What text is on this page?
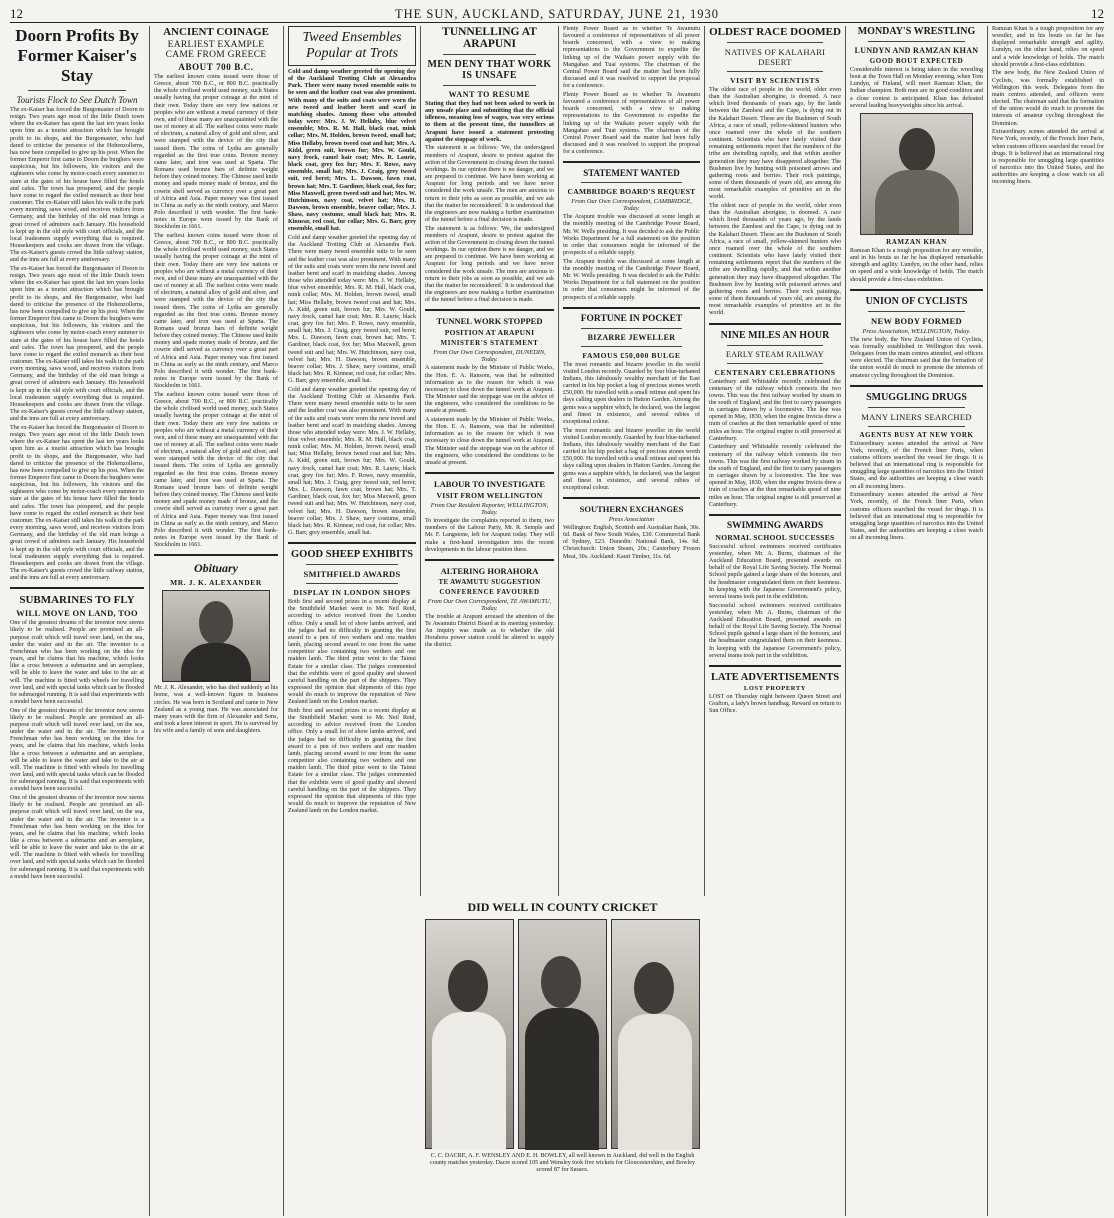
12	THE SUN, AUCKLAND, SATURDAY, JUNE 21, 1930	12
Doorn Profits By Former Kaiser's Stay
Tourists Flock to See Dutch Town

The ex-Kaiser has forced the Burgomaster of Doorn to resign. Two years ago most of the little Dutch town where the ex-Kaiser has spent the last ten years looks upon him as a tourist attraction which has brought profit to its shops, and the Burgomaster, who had dared to criticise the presence of the Hohenzollerns, has now been compelled to give up his post. When the former Emperor first came to Doorn the burghers were suspicious, but his followers, his visitors and the sightseers who come by motor-coach every summer to stare at the gates of his house have filled the hotels and cafes. The town has prospered, and the people have come to regard the exiled monarch as their best customer. The ex-Kaiser still takes his walk in the park every morning, saws wood, and receives visitors from Germany, and the birthday of the old man brings a great crowd of admirers each January. His household is kept up in the old style with court officials, and the local tradesmen supply everything that is required. Housekeepers and cooks are drawn from the village. The ex-Kaiser's guests crowd the little railway station, and the inns are full at every anniversary.

The ex-Kaiser has forced the Burgomaster of Doorn to resign. Two years ago most of the little Dutch town where the ex-Kaiser has spent the last ten years looks upon him as a tourist attraction which has brought profit to its shops, and the Burgomaster, who had dared to criticise the presence of the Hohenzollerns, has now been compelled to give up his post. When the former Emperor first came to Doorn the burghers were suspicious, but his followers, his visitors and the sightseers who come by motor-coach every summer to stare at the gates of his house have filled the hotels and cafes. The town has prospered, and the people have come to regard the exiled monarch as their best customer. The ex-Kaiser still takes his walk in the park every morning, saws wood, and receives visitors from Germany, and the birthday of the old man brings a great crowd of admirers each January. His household is kept up in the old style with court officials, and the local tradesmen supply everything that is required. Housekeepers and cooks are drawn from the village. The ex-Kaiser's guests crowd the little railway station, and the inns are full at every anniversary.

The ex-Kaiser has forced the Burgomaster of Doorn to resign. Two years ago most of the little Dutch town where the ex-Kaiser has spent the last ten years looks upon him as a tourist attraction which has brought profit to its shops, and the Burgomaster, who had dared to criticise the presence of the Hohenzollerns, has now been compelled to give up his post. When the former Emperor first came to Doorn the burghers were suspicious, but his followers, his visitors and the sightseers who come by motor-coach every summer to stare at the gates of his house have filled the hotels and cafes. The town has prospered, and the people have come to regard the exiled monarch as their best customer. The ex-Kaiser still takes his walk in the park every morning, saws wood, and receives visitors from Germany, and the birthday of the old man brings a great crowd of admirers each January. His household is kept up in the old style with court officials, and the local tradesmen supply everything that is required. Housekeepers and cooks are drawn from the village. The ex-Kaiser's guests crowd the little railway station, and the inns are full at every anniversary.

SUBMARINES TO FLY
WILL MOVE ON LAND, TOO

One of the greatest dreams of the inventor now seems likely to be realised. People are promised an all-purpose craft which will travel over land, on the sea, under the water and in the air. The inventor is a Frenchman who has been working on the idea for years, and he claims that his machine, which looks like a cross between a submarine and an aeroplane, will be able to leave the water and take to the air at will. The machine is fitted with wheels for travelling over land, and with special tanks which can be flooded for submerged running. It is said that experiments with a model have been successful.

One of the greatest dreams of the inventor now seems likely to be realised. People are promised an all-purpose craft which will travel over land, on the sea, under the water and in the air. The inventor is a Frenchman who has been working on the idea for years, and he claims that his machine, which looks like a cross between a submarine and an aeroplane, will be able to leave the water and take to the air at will. The machine is fitted with wheels for travelling over land, and with special tanks which can be flooded for submerged running. It is said that experiments with a model have been successful.

One of the greatest dreams of the inventor now seems likely to be realised. People are promised an all-purpose craft which will travel over land, on the sea, under the water and in the air. The inventor is a Frenchman who has been working on the idea for years, and he claims that his machine, which looks like a cross between a submarine and an aeroplane, will be able to leave the water and take to the air at will. The machine is fitted with wheels for travelling over land, and with special tanks which can be flooded for submerged running. It is said that experiments with a model have been successful.

ANCIENT COINAGE
EARLIEST EXAMPLE CAME FROM GREECE
ABOUT 700 B.C.

The earliest known coins issued were those of Greece, about 700 B.C., or 800 B.C. practically the whole civilised world used money, such States usually having the proper coinage at the mint of their own. Today there are very few nations or peoples who are without a metal currency of their own, and of these many are unacquainted with the use of money at all. The earliest coins were made of electrum, a natural alloy of gold and silver, and were stamped with the device of the city that issued them. The coins of Lydia are generally regarded as the first true coins. Bronze money came later, and iron was used at Sparta. The Romans used bronze bars of definite weight before they coined money. The Chinese used knife money and spade money made of bronze, and the cowrie shell served as currency over a great part of Africa and Asia. Paper money was first issued in China as early as the ninth century, and Marco Polo described it with wonder. The first bank-notes in Europe were issued by the Bank of Stockholm in 1661.

The earliest known coins issued were those of Greece, about 700 B.C., or 800 B.C. practically the whole civilised world used money, such States usually having the proper coinage at the mint of their own. Today there are very few nations or peoples who are without a metal currency of their own, and of these many are unacquainted with the use of money at all. The earliest coins were made of electrum, a natural alloy of gold and silver, and were stamped with the device of the city that issued them. The coins of Lydia are generally regarded as the first true coins. Bronze money came later, and iron was used at Sparta. The Romans used bronze bars of definite weight before they coined money. The Chinese used knife money and spade money made of bronze, and the cowrie shell served as currency over a great part of Africa and Asia. Paper money was first issued in China as early as the ninth century, and Marco Polo described it with wonder. The first bank-notes in Europe were issued by the Bank of Stockholm in 1661.

The earliest known coins issued were those of Greece, about 700 B.C., or 800 B.C. practically the whole civilised world used money, such States usually having the proper coinage at the mint of their own. Today there are very few nations or peoples who are without a metal currency of their own, and of these many are unacquainted with the use of money at all. The earliest coins were made of electrum, a natural alloy of gold and silver, and were stamped with the device of the city that issued them. The coins of Lydia are generally regarded as the first true coins. Bronze money came later, and iron was used at Sparta. The Romans used bronze bars of definite weight before they coined money. The Chinese used knife money and spade money made of bronze, and the cowrie shell served as currency over a great part of Africa and Asia. Paper money was first issued in China as early as the ninth century, and Marco Polo described it with wonder. The first bank-notes in Europe were issued by the Bank of Stockholm in 1661.

Obituary
MR. J. K. ALEXANDER

Mr. J. K. Alexander, who has died suddenly at his home, was a well-known figure in business circles. He was born in Scotland and came to New Zealand as a young man. He was associated for many years with the firm of Alexander and Sons, and took a keen interest in sport. He is survived by his wife and a family of sons and daughters.

Tweed Ensembles Popular at Trots

Cold and damp weather greeted the opening day of the Auckland Trotting Club at Alexandra Park. There were many tweed ensemble suits to be seen and the leather coat was also prominent. With many of the suits and coats were worn the new tweed and leather beret and scarf in matching shades. Among those who attended today were: Mrs. J. W. Hellaby, blue velvet ensemble; Mrs. R. M. Hall, black coat, mink collar; Mrs. M. Holden, brown tweed, small hat; Miss Hellaby, brown tweed coat and hat; Mrs. A. Kidd, green suit, brown fur; Mrs. W. Gould, navy frock, camel hair coat; Mrs. R. Laurie, black coat, grey fox fur; Mrs. F. Rowe, navy ensemble, small hat; Mrs. J. Craig, grey tweed suit, red beret; Mrs. L. Dawson, fawn coat, brown hat; Mrs. T. Gardiner, black coat, fox fur; Miss Maxwell, green tweed suit and hat; Mrs. W. Hutchinson, navy coat, velvet hat; Mrs. H. Dawson, brown ensemble, beaver collar; Mrs. J. Shaw, navy costume, small black hat; Mrs. R. Kinnear, red coat, fur collar; Mrs. G. Barr, grey ensemble, small hat.

Cold and damp weather greeted the opening day of the Auckland Trotting Club at Alexandra Park. There were many tweed ensemble suits to be seen and the leather coat was also prominent. With many of the suits and coats were worn the new tweed and leather beret and scarf in matching shades. Among those who attended today were: Mrs. J. W. Hellaby, blue velvet ensemble; Mrs. R. M. Hall, black coat, mink collar; Mrs. M. Holden, brown tweed, small hat; Miss Hellaby, brown tweed coat and hat; Mrs. A. Kidd, green suit, brown fur; Mrs. W. Gould, navy frock, camel hair coat; Mrs. R. Laurie, black coat, grey fox fur; Mrs. F. Rowe, navy ensemble, small hat; Mrs. J. Craig, grey tweed suit, red beret; Mrs. L. Dawson, fawn coat, brown hat; Mrs. T. Gardiner, black coat, fox fur; Miss Maxwell, green tweed suit and hat; Mrs. W. Hutchinson, navy coat, velvet hat; Mrs. H. Dawson, brown ensemble, beaver collar; Mrs. J. Shaw, navy costume, small black hat; Mrs. R. Kinnear, red coat, fur collar; Mrs. G. Barr, grey ensemble, small hat.

Cold and damp weather greeted the opening day of the Auckland Trotting Club at Alexandra Park. There were many tweed ensemble suits to be seen and the leather coat was also prominent. With many of the suits and coats were worn the new tweed and leather beret and scarf in matching shades. Among those who attended today were: Mrs. J. W. Hellaby, blue velvet ensemble; Mrs. R. M. Hall, black coat, mink collar; Mrs. M. Holden, brown tweed, small hat; Miss Hellaby, brown tweed coat and hat; Mrs. A. Kidd, green suit, brown fur; Mrs. W. Gould, navy frock, camel hair coat; Mrs. R. Laurie, black coat, grey fox fur; Mrs. F. Rowe, navy ensemble, small hat; Mrs. J. Craig, grey tweed suit, red beret; Mrs. L. Dawson, fawn coat, brown hat; Mrs. T. Gardiner, black coat, fox fur; Miss Maxwell, green tweed suit and hat; Mrs. W. Hutchinson, navy coat, velvet hat; Mrs. H. Dawson, brown ensemble, beaver collar; Mrs. J. Shaw, navy costume, small black hat; Mrs. R. Kinnear, red coat, fur collar; Mrs. G. Barr, grey ensemble, small hat.

GOOD SHEEP EXHIBITS
SMITHFIELD AWARDS
DISPLAY IN LONDON SHOPS

Both first and second prizes in a recent display at the Smithfield Market went to Mr. Neil Reid, according to advice received from the London office. Only a small lot of show lambs arrived, and the judges had no difficulty in granting the first award to a pen of two wethers and one maiden lamb, placing second award to one from the same competitor also containing two wethers and one maiden lamb. The third prize went to the Tainui Estate for a similar class. The judges commented that the exhibits were of good quality and showed careful handling on the part of the shippers. They expressed the opinion that shipments of this type would do much to improve the reputation of New Zealand lamb on the London market.

Both first and second prizes in a recent display at the Smithfield Market went to Mr. Neil Reid, according to advice received from the London office. Only a small lot of show lambs arrived, and the judges had no difficulty in granting the first award to a pen of two wethers and one maiden lamb, placing second award to one from the same competitor also containing two wethers and one maiden lamb. The third prize went to the Tainui Estate for a similar class. The judges commented that the exhibits were of good quality and showed careful handling on the part of the shippers. They expressed the opinion that shipments of this type would do much to improve the reputation of New Zealand lamb on the London market.

TUNNELLING AT ARAPUNI
MEN DENY THAT WORK IS UNSAFE
WANT TO RESUME

Stating that they had not been asked to work in any unsafe place and submitting that the official idleness, meaning loss of wages, was very serious to them at the present time, the tunnellers at Arapuni have issued a statement protesting against the stoppage of work.

The statement is as follows: 'We, the undersigned members of Arapuni, desire to protest against the action of the Government in closing down the tunnel workings. In our opinion there is no danger, and we are prepared to continue. We have been working at Arapuni for long periods and we have never considered the work unsafe. The men are anxious to return to their jobs as soon as possible, and we ask that the matter be reconsidered.' It is understood that the engineers are now making a further examination of the tunnel before a final decision is made.

The statement is as follows: 'We, the undersigned members of Arapuni, desire to protest against the action of the Government in closing down the tunnel workings. In our opinion there is no danger, and we are prepared to continue. We have been working at Arapuni for long periods and we have never considered the work unsafe. The men are anxious to return to their jobs as soon as possible, and we ask that the matter be reconsidered.' It is understood that the engineers are now making a further examination of the tunnel before a final decision is made.

TUNNEL WORK STOPPED
POSITION AT ARAPUNI
MINISTER'S STATEMENT
From Our Own Correspondent, DUNEDIN, Today.

A statement made by the Minister of Public Works, the Hon. E. A. Ransom, was that he submitted information as to the reason for which it was necessary to close down the tunnel work at Arapuni. The Minister said the stoppage was on the advice of the engineers, who considered the conditions to be unsafe at present.

A statement made by the Minister of Public Works, the Hon. E. A. Ransom, was that he submitted information as to the reason for which it was necessary to close down the tunnel work at Arapuni. The Minister said the stoppage was on the advice of the engineers, who considered the conditions to be unsafe at present.

LABOUR TO INVESTIGATE
VISIT FROM WELLINGTON
From Our Resident Reporter, WELLINGTON, Today.

To investigate the complaints reported to them, two members of the Labour Party, Mr. R. Semple and Mr. F. Langstone, left for Arapuni today. They will make a first-hand investigation into the recent developments in the labour position there.

ALTERING HORAHORA
TE AWAMUTU SUGGESTION
CONFERENCE FAVOURED
From Our Own Correspondent, TE AWAMUTU, Today.

The trouble at Arapuni aroused the attention of the Te Awamutu District Board at its meeting yesterday. An inquiry was made as to whether the old Horahora power station could be altered to supply the district.

Plenty Power Board as to whether Te Awamutu favoured a conference of representatives of all power boards concerned, with a view to making representations to the Government to expedite the linking up of the Waikato power supply with the Mangahao and Tuai systems. The chairman of the Central Power Board said the matter had been fully discussed and it was resolved to support the proposal for a conference.

Plenty Power Board as to whether Te Awamutu favoured a conference of representatives of all power boards concerned, with a view to making representations to the Government to expedite the linking up of the Waikato power supply with the Mangahao and Tuai systems. The chairman of the Central Power Board said the matter had been fully discussed and it was resolved to support the proposal for a conference.

STATEMENT WANTED
CAMBRIDGE BOARD'S REQUEST
From Our Own Correspondent, CAMBRIDGE, Today.

The Arapuni trouble was discussed at some length at the monthly meeting of the Cambridge Power Board, Mr. W. Wells presiding. It was decided to ask the Public Works Department for a full statement on the position in order that consumers might be informed of the prospects of a reliable supply.

The Arapuni trouble was discussed at some length at the monthly meeting of the Cambridge Power Board, Mr. W. Wells presiding. It was decided to ask the Public Works Department for a full statement on the position in order that consumers might be informed of the prospects of a reliable supply.

FORTUNE IN POCKET
BIZARRE JEWELLER
FAMOUS £50,000 BULGE

The most romantic and bizarre jeweller in the world visited London recently. Guarded by four blue-turbaned Indians, this fabulously wealthy merchant of the East carried in his hip pocket a bag of precious stones worth £50,000. He travelled with a small retinue and spent his days calling upon dealers in Hatton Garden. Among the gems was a sapphire which, he declared, was the largest and finest in existence, and several rubies of exceptional colour.

The most romantic and bizarre jeweller in the world visited London recently. Guarded by four blue-turbaned Indians, this fabulously wealthy merchant of the East carried in his hip pocket a bag of precious stones worth £50,000. He travelled with a small retinue and spent his days calling upon dealers in Hatton Garden. Among the gems was a sapphire which, he declared, was the largest and finest in existence, and several rubies of exceptional colour.

SOUTHERN EXCHANGES
Press Association

Wellington: English, Scottish and Australian Bank, 30s. 6d. Bank of New South Wales, £30. Commercial Bank of Sydney, £23. Dunedin: National Bank, 14s. 6d. Christchurch: Union Steam, 20s.; Canterbury Frozen Meat, 30s. Auckland: Kauri Timber, 11s. 6d.

OLDEST RACE DOOMED
NATIVES OF KALAHARI DESERT
VISIT BY SCIENTISTS

The oldest race of people in the world, older even than the Australian aborigine, is doomed. A race which lived thousands of years ago, by the lands between the Zambesi and the Cape, is dying out in the Kalahari Desert. These are the Bushmen of South Africa, a race of small, yellow-skinned hunters who once roamed over the whole of the southern continent. Scientists who have lately visited their remaining settlements report that the numbers of the tribe are dwindling rapidly, and that within another generation they may have disappered altogether. The Bushmen live by hunting with poisoned arrows and gathering roots and berries. Their rock paintings, some of them thousands of years old, are among the most remarkable examples of primitive art in the world.

The oldest race of people in the world, older even than the Australian aborigine, is doomed. A race which lived thousands of years ago, by the lands between the Zambesi and the Cape, is dying out in the Kalahari Desert. These are the Bushmen of South Africa, a race of small, yellow-skinned hunters who once roamed over the whole of the southern continent. Scientists who have lately visited their remaining settlements report that the numbers of the tribe are dwindling rapidly, and that within another generation they may have disappered altogether. The Bushmen live by hunting with poisoned arrows and gathering roots and berries. Their rock paintings, some of them thousands of years old, are among the most remarkable examples of primitive art in the world.

NINE MILES AN HOUR
EARLY STEAM RAILWAY
CENTENARY CELEBRATIONS

Canterbury and Whitstable recently celebrated the centenary of the railway which connects the two towns. This was the first railway worked by steam in the south of England, and the first to carry passengers in carriages drawn by a locomotive. The line was opened in May, 1830, when the engine Invicta drew a train of coaches at the then remarkable speed of nine miles an hour. The original engine is still preserved at Canterbury.

Canterbury and Whitstable recently celebrated the centenary of the railway which connects the two towns. This was the first railway worked by steam in the south of England, and the first to carry passengers in carriages drawn by a locomotive. The line was opened in May, 1830, when the engine Invicta drew a train of coaches at the then remarkable speed of nine miles an hour. The original engine is still preserved at Canterbury.

SWIMMING AWARDS
NORMAL SCHOOL SUCCESSES

Successful school swimmers received certificates yesterday, when Mr. A. Burns, chairman of the Auckland Education Board, presented awards on behalf of the Royal Life Saving Society. The Normal School pupils gained a large share of the honours, and the headmaster congratulated them on their keenness. In keeping with the Japanese Government's policy, several teams took part in the exhibition.

Successful school swimmers received certificates yesterday, when Mr. A. Burns, chairman of the Auckland Education Board, presented awards on behalf of the Royal Life Saving Society. The Normal School pupils gained a large share of the honours, and the headmaster congratulated them on their keenness. In keeping with the Japanese Government's policy, several teams took part in the exhibition.

LATE ADVERTISEMENTS
LOST PROPERTY

LOST on Thursday night between Queen Street and Grafton, a lady's brown handbag. Reward on return to Sun Office.

MONDAY'S WRESTLING
LUNDYN AND RAMZAN KHAN
GOOD BOUT EXPECTED

Considerable interest is being taken in the wrestling bout at the Town Hall on Monday evening, when Tom Lundyn, of Finland, will meet Ramzan Khan, the Indian champion. Both men are in good condition and a close contest is anticipated. Khan has defeated several leading heavyweights since his arrival.

RAMZAN KHAN

Ramzan Khan is a tough proposition for any wrestler, and in his bouts so far he has displayed remarkable strength and agility. Lundyn, on the other hand, relies on speed and a wide knowledge of holds. The match should provide a first-class exhibition.

UNION OF CYCLISTS
NEW BODY FORMED
Press Association, WELLINGTON, Today.

The new body, the New Zealand Union of Cyclists, was formally established in Wellington this week. Delegates from the main centres attended, and officers were elected. The chairman said that the formation of the union would do much to promote the interests of amateur cycling throughout the Dominion.

SMUGGLING DRUGS
MANY LINERS SEARCHED
AGENTS BUSY AT NEW YORK

Extraordinary scenes attended the arrival at New York, recently, of the French liner Paris, when customs officers searched the vessel for drugs. It is believed that an international ring is responsible for smuggling large quantities of narcotics into the United States, and the authorities are keeping a close watch on all incoming liners.

Extraordinary scenes attended the arrival at New York, recently, of the French liner Paris, when customs officers searched the vessel for drugs. It is believed that an international ring is responsible for smuggling large quantities of narcotics into the United States, and the authorities are keeping a close watch on all incoming liners.

Ramzan Khan is a tough proposition for any wrestler, and in his bouts so far he has displayed remarkable strength and agility. Lundyn, on the other hand, relies on speed and a wide knowledge of holds. The match should provide a first-class exhibition.

The new body, the New Zealand Union of Cyclists, was formally established in Wellington this week. Delegates from the main centres attended, and officers were elected. The chairman said that the formation of the union would do much to promote the interests of amateur cycling throughout the Dominion.

Extraordinary scenes attended the arrival at New York, recently, of the French liner Paris, when customs officers searched the vessel for drugs. It is believed that an international ring is responsible for smuggling large quantities of narcotics into the United States, and the authorities are keeping a close watch on all incoming liners.

DID WELL IN COUNTY CRICKET

C. C. DACRE, A. F. WENSLEY AND E. H. BOWLEY, all well known in Auckland, did well in the English county matches yesterday. Dacre scored 105 and Wensley took five wickets for Gloucestershire, and Bowley scored 87 for Sussex.
